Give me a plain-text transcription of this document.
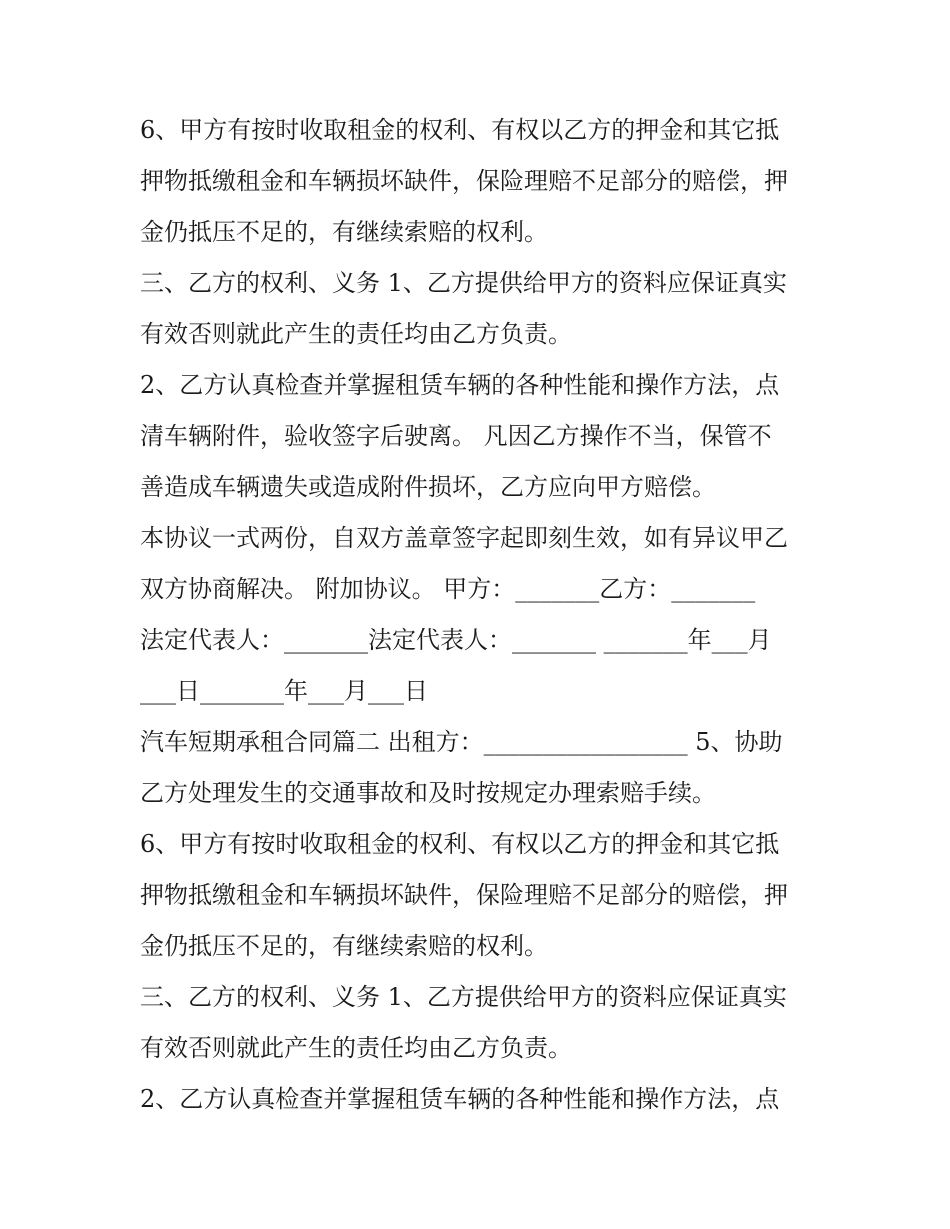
6、甲方有按时收取租金的权利、有权以乙方的押金和其它抵
押物抵缴租金和车辆损坏缺件，保险理赔不足部分的赔偿，押
金仍抵压不足的，有继续索赔的权利。
三、乙方的权利、义务 1、乙方提供给甲方的资料应保证真实
有效否则就此产生的责任均由乙方负责。
2、乙方认真检查并掌握租赁车辆的各种性能和操作方法，点
清车辆附件，验收签字后驶离。 凡因乙方操作不当，保管不
善造成车辆遗失或造成附件损坏，乙方应向甲方赔偿。
本协议一式两份，自双方盖章签字起即刻生效，如有异议甲乙
双方协商解决。 附加协议。 甲方：_______乙方：_______
法定代表人：_______法定代表人：_______ _______年___月
___日_______年___月___日
汽车短期承租合同篇二 出租方：_________________ 5、协助
乙方处理发生的交通事故和及时按规定办理索赔手续。
6、甲方有按时收取租金的权利、有权以乙方的押金和其它抵
押物抵缴租金和车辆损坏缺件，保险理赔不足部分的赔偿，押
金仍抵压不足的，有继续索赔的权利。
三、乙方的权利、义务 1、乙方提供给甲方的资料应保证真实
有效否则就此产生的责任均由乙方负责。
2、乙方认真检查并掌握租赁车辆的各种性能和操作方法，点
